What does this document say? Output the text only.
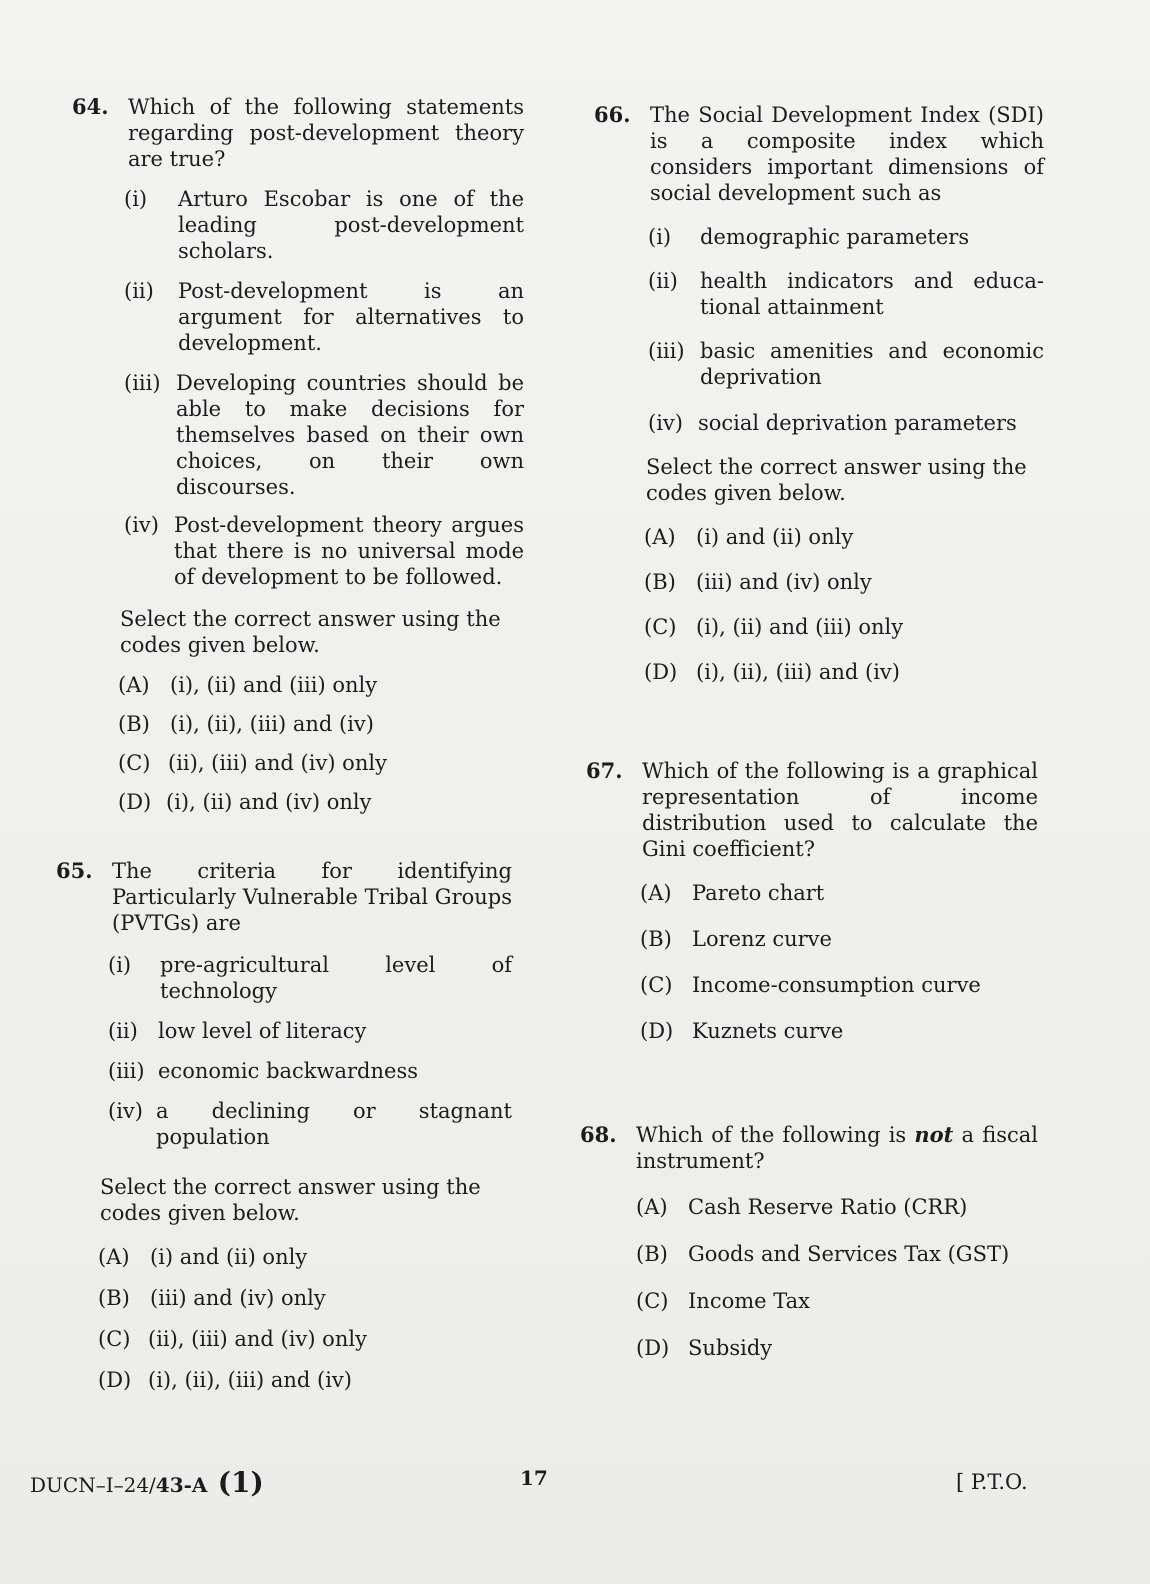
64. Which of the following statements regarding post-development theory are true?
(i)	Arturo Escobar is one of the leading post-development scholars.
(ii)	Post-development is an argument for alternatives to development.
(iii) Developing countries should be able to make decisions for themselves based on their own choices, on their own discourses.
(iv) Post-development theory argues that there is no universal mode of development to be followed.
Select the correct answer using the codes given below.
(A) (i), (ii) and (iii) only
(B) (i), (ii), (iii) and (iv)
(C) (ii), (iii) and (iv) only
(D) (i), (ii) and (iv) only
65. The criteria for identifying Particularly Vulnerable Tribal Groups (PVTGs) are
(i)	pre-agricultural level of technology
(ii) low level of literacy
(iii) economic backwardness
(iv) a declining or stagnant population
Select the correct answer using the codes given below.
(A) (i) and (ii) only
(B) (iii) and (iv) only
(C) (ii), (iii) and (iv) only
(D) (i), (ii), (iii) and (iv)
66. The Social Development Index (SDI) is a composite index which considers important dimensions of social development such as
(i)	demographic parameters
(ii)	health indicators and educa- tional attainment
(iii) basic amenities and economic deprivation
(iv) social deprivation parameters
Select the correct answer using the codes given below.
(A) (i) and (ii) only
(B) (iii) and (iv) only
(C) (i), (ii) and (iii) only
(D) (i), (ii), (iii) and (iv)
67. Which of the following is a graphical representation of income distribution used to calculate the Gini coefficient?
(A) Pareto chart
(B) Lorenz curve
(C) Income-consumption curve
(D) Kuznets curve
68. Which of the following is not a fiscal instrument?
(A) Cash Reserve Ratio (CRR)
(B) Goods and Services Tax (GST)
(C) Income Tax
(D) Subsidy
DUCN–I–24/43-A (1)	17	[ P.T.O.
